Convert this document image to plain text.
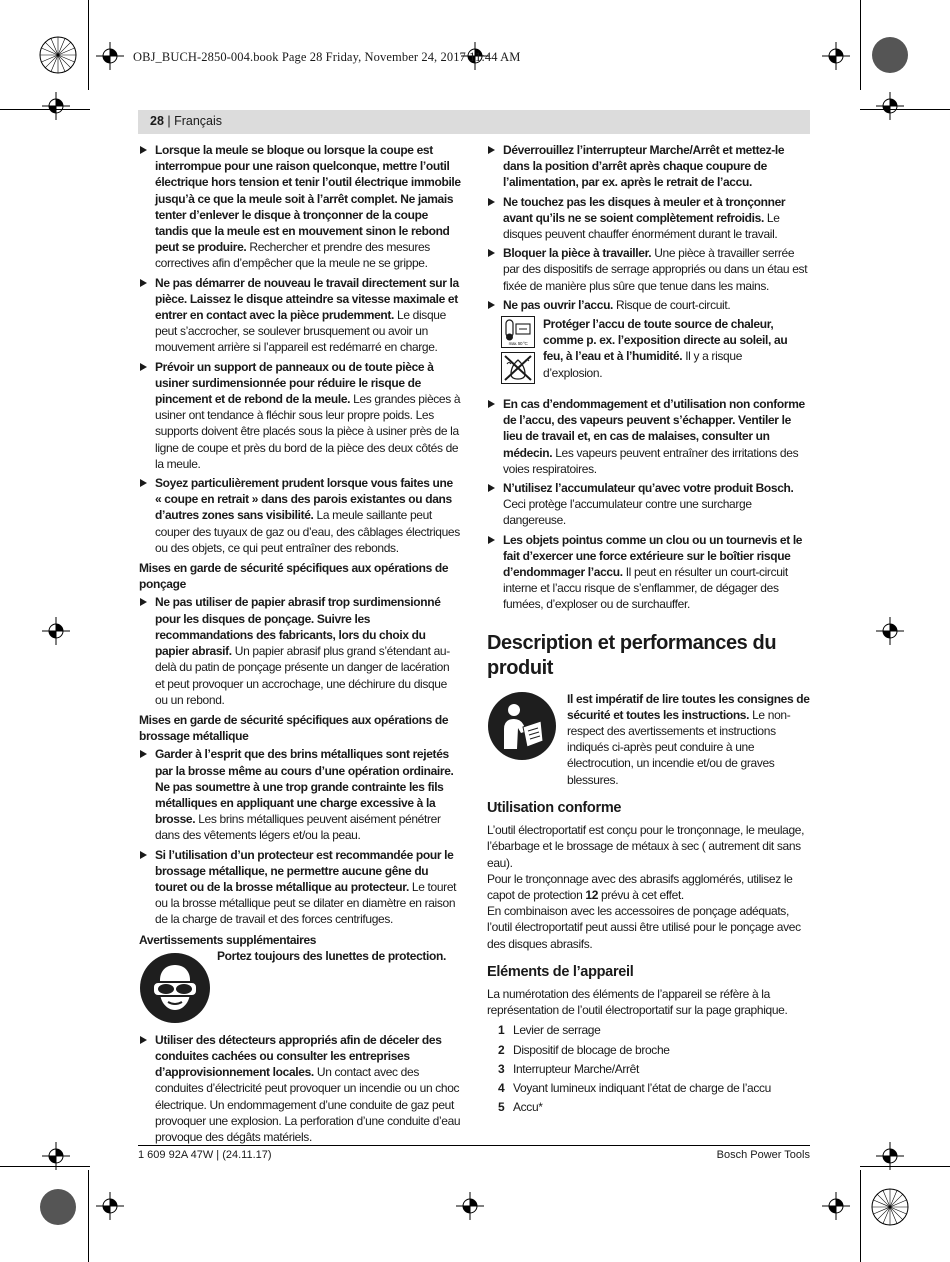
OBJ_BUCH-2850-004.book Page 28 Friday, November 24, 2017 11:44 AM
28 | Français
Lorsque la meule se bloque ou lorsque la coupe est interrompue pour une raison quelconque, mettre l’outil électrique hors tension et tenir l’outil électrique immobile jusqu’à ce que la meule soit à l’arrêt complet. Ne jamais tenter d’enlever le disque à tronçonner de la coupe tandis que la meule est en mouvement sinon le rebond peut se produire. Rechercher et prendre des mesures correctives afin d’empêcher que la meule ne se grippe.
Ne pas démarrer de nouveau le travail directement sur la pièce. Laissez le disque atteindre sa vitesse maximale et entrer en contact avec la pièce prudemment. Le disque peut s’accrocher, se soulever brusquement ou avoir un mouvement arrière si l’appareil est redémarré en charge.
Prévoir un support de panneaux ou de toute pièce à usiner surdimensionnée pour réduire le risque de pincement et de rebond de la meule. Les grandes pièces à usiner ont tendance à fléchir sous leur propre poids. Les supports doivent être placés sous la pièce à usiner près de la ligne de coupe et près du bord de la pièce des deux côtés de la meule.
Soyez particulièrement prudent lorsque vous faites une « coupe en retrait » dans des parois existantes ou dans d’autres zones sans visibilité. La meule saillante peut couper des tuyaux de gaz ou d’eau, des câblages électriques ou des objets, ce qui peut entraîner des rebonds.
Mises en garde de sécurité spécifiques aux opérations de ponçage
Ne pas utiliser de papier abrasif trop surdimensionné pour les disques de ponçage. Suivre les recommandations des fabricants, lors du choix du papier abrasif. Un papier abrasif plus grand s’étendant au-delà du patin de ponçage présente un danger de lacération et peut provoquer un accrochage, une déchirure du disque ou un rebond.
Mises en garde de sécurité spécifiques aux opérations de brossage métallique
Garder à l’esprit que des brins métalliques sont rejetés par la brosse même au cours d’une opération ordinaire. Ne pas soumettre à une trop grande contrainte les fils métalliques en appliquant une charge excessive à la brosse. Les brins métalliques peuvent aisément pénétrer dans des vêtements légers et/ou la peau.
Si l’utilisation d’un protecteur est recommandée pour le brossage métallique, ne permettre aucune gêne du touret ou de la brosse métallique au protecteur. Le touret ou la brosse métallique peut se dilater en diamètre en raison de la charge de travail et des forces centrifuges.
Avertissements supplémentaires
Portez toujours des lunettes de protection.
Utiliser des détecteurs appropriés afin de déceler des conduites cachées ou consulter les entreprises d’approvisionnement locales. Un contact avec des conduites d’électricité peut provoquer un incendie ou un choc électrique. Un endommagement d’une conduite de gaz peut provoquer une explosion. La perforation d’une conduite d’eau provoque des dégâts matériels.
Déverrouillez l’interrupteur Marche/Arrêt et mettez-le dans la position d’arrêt après chaque coupure de l’alimentation, par ex. après le retrait de l’accu.
Ne touchez pas les disques à meuler et à tronçonner avant qu’ils ne se soient complètement refroidis. Le disques peuvent chauffer énormément durant le travail.
Bloquer la pièce à travailler. Une pièce à travailler serrée par des dispositifs de serrage appropriés ou dans un étau est fixée de manière plus sûre que tenue dans les mains.
Ne pas ouvrir l’accu. Risque de court-circuit.
max. 50 °C
Protéger l’accu de toute source de chaleur, comme p. ex. l’exposition directe au soleil, au feu, à l’eau et à l’humidité. Il y a risque d’explosion.
En cas d’endommagement et d’utilisation non conforme de l’accu, des vapeurs peuvent s’échapper. Ventiler le lieu de travail et, en cas de malaises, consulter un médecin. Les vapeurs peuvent entraîner des irritations des voies respiratoires.
N’utilisez l’accumulateur qu’avec votre produit Bosch. Ceci protège l’accumulateur contre une surcharge dangereuse.
Les objets pointus comme un clou ou un tournevis et le fait d’exercer une force extérieure sur le boîtier risque d’endommager l’accu. Il peut en résulter un court-circuit interne et l’accu risque de s’enflammer, de dégager des fumées, d’exploser ou de surchauffer.
Description et performances du produit
Il est impératif de lire toutes les consignes de sécurité et toutes les instructions. Le non-respect des avertissements et instructions indiqués ci-après peut conduire à une électrocution, un incendie et/ou de graves blessures.
Utilisation conforme

L’outil électroportatif est conçu pour le tronçonnage, le meulage, l’ébarbage et le brossage de métaux à sec ( autrement dit sans eau).

Pour le tronçonnage avec des abrasifs agglomérés, utilisez le capot de protection 12 prévu à cet effet.

En combinaison avec les accessoires de ponçage adéquats, l’outil électroportatif peut aussi être utilisé pour le ponçage avec des disques abrasifs.

Eléments de l’appareil

La numérotation des éléments de l’appareil se réfère à la représentation de l’outil électroportatif sur la page graphique.

1 Levier de serrage
2 Dispositif de blocage de broche
3 Interrupteur Marche/Arrêt
4 Voyant lumineux indiquant l’état de charge de l’accu
5 Accu*
1 609 92A 47W | (24.11.17)	Bosch Power Tools
